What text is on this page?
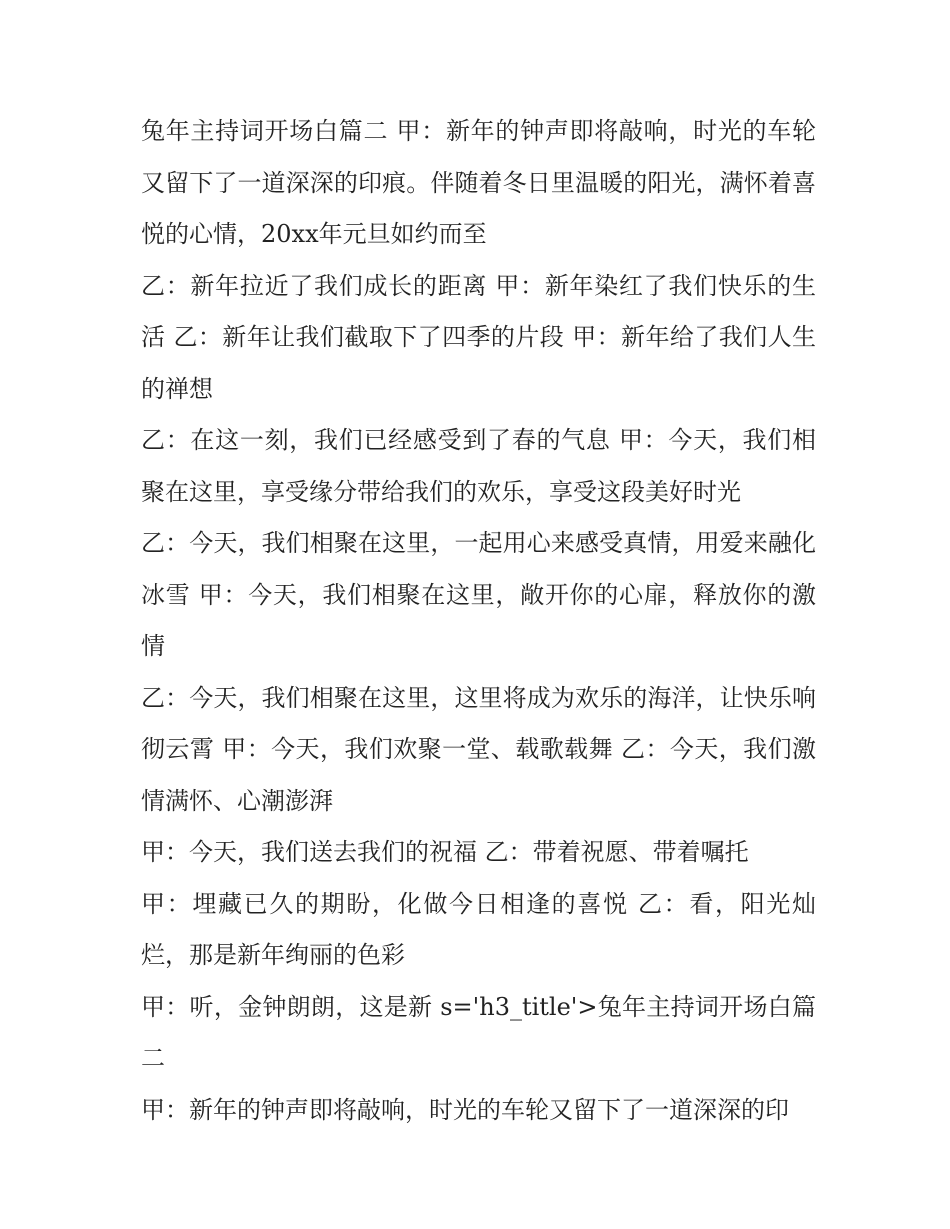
兔年主持词开场白篇二 甲：新年的钟声即将敲响，时光的车轮又留下了一道深深的印痕。伴随着冬日里温暖的阳光，满怀着喜悦的心情，20xx年元旦如约而至

乙：新年拉近了我们成长的距离 甲：新年染红了我们快乐的生活 乙：新年让我们截取下了四季的片段 甲：新年给了我们人生的禅想

乙：在这一刻，我们已经感受到了春的气息 甲：今天，我们相聚在这里，享受缘分带给我们的欢乐，享受这段美好时光

乙：今天，我们相聚在这里，一起用心来感受真情，用爱来融化冰雪 甲：今天，我们相聚在这里，敞开你的心扉，释放你的激情

乙：今天，我们相聚在这里，这里将成为欢乐的海洋，让快乐响彻云霄 甲：今天，我们欢聚一堂、载歌载舞 乙：今天，我们激情满怀、心潮澎湃

甲：今天，我们送去我们的祝福 乙：带着祝愿、带着嘱托

甲：埋藏已久的期盼，化做今日相逢的喜悦 乙：看，阳光灿烂，那是新年绚丽的色彩

甲：听，金钟朗朗，这是新 s='h3_title'>兔年主持词开场白篇二

甲：新年的钟声即将敲响，时光的车轮又留下了一道深深的印
